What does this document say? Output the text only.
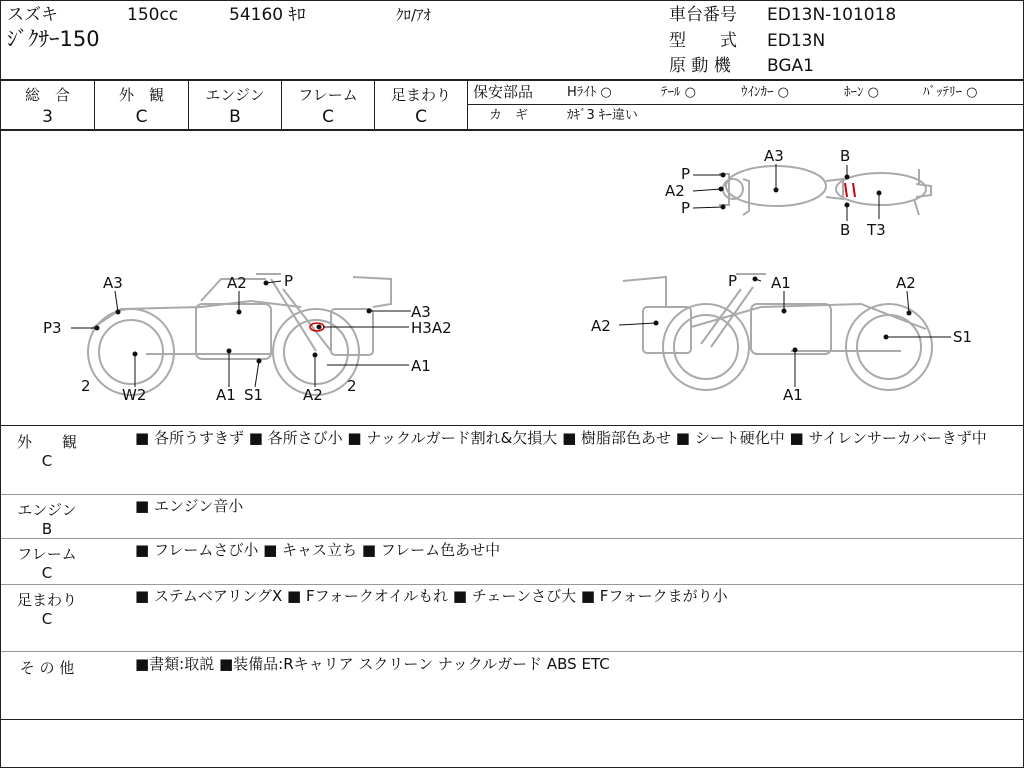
スズキ	150cc	54160 ｷﾛ	ｸﾛ/ｱｵ
ｼﾞｸｻｰ150
車台番号 ED13N-101018
型　　式 ED13N
原 動 機 BGA1
総　合
3
外　観
C
エンジン
B
フレーム
C
足まわり
C
保安部品	Hﾗｲﾄ ○	ﾃｰﾙ ○	ｳｲﾝｶｰ ○	ﾎｰﾝ ○	ﾊﾞｯﾃﾘｰ ○
カ　ギ	ｶｷﾞ3 ｷｰ違い
P
A2
P
A3	B
B T3
A3	A2 P
A3
H3A2
P3
A1
2 W2	A1 S1	A2 2
P A1	A2
A2
S1
A1
外　　観
C
■ 各所うすきず ■ 各所さび小 ■ ナックルガード割れ&欠損大 ■ 樹脂部色あせ ■ シート硬化中 ■ サイレンサーカバーきず中
エンジン
B
■ エンジン音小
フレーム
C
■ フレームさび小 ■ キャス立ち ■ フレーム色あせ中
足まわり
C
■ ステムベアリングX ■ Fフォークオイルもれ ■ チェーンさび大 ■ Fフォークまがり小
そ の 他	■書類:取説 ■装備品:Rキャリア スクリーン ナックルガード ABS ETC
